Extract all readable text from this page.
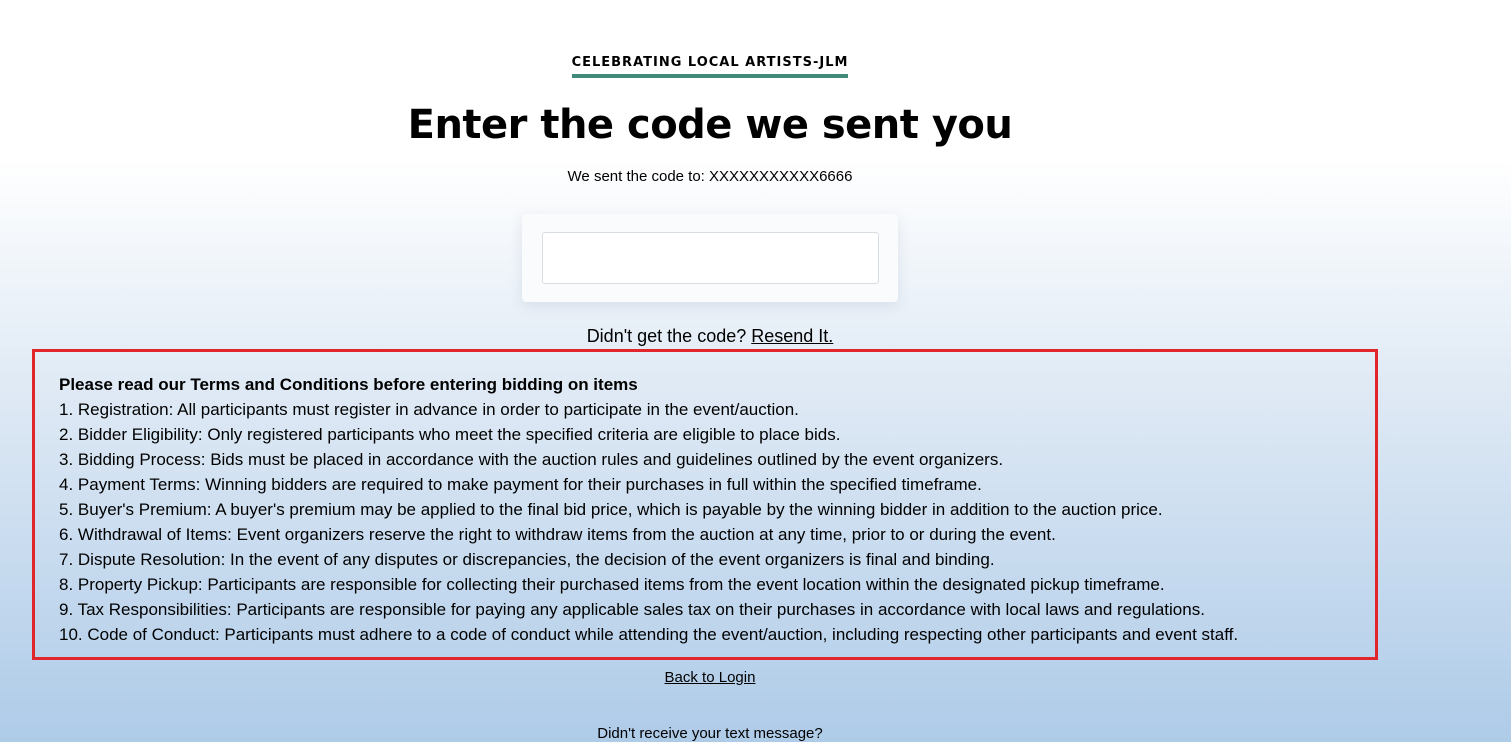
CELEBRATING LOCAL ARTISTS-JLM
Enter the code we sent you

We sent the code to: XXXXXXXXXXX6666

Didn't get the code? Resend It.
Please read our Terms and Conditions before entering bidding on items
1. Registration: All participants must register in advance in order to participate in the event/auction.
2. Bidder Eligibility: Only registered participants who meet the specified criteria are eligible to place bids.
3. Bidding Process: Bids must be placed in accordance with the auction rules and guidelines outlined by the event organizers.
4. Payment Terms: Winning bidders are required to make payment for their purchases in full within the specified timeframe.
5. Buyer's Premium: A buyer's premium may be applied to the final bid price, which is payable by the winning bidder in addition to the auction price.
6. Withdrawal of Items: Event organizers reserve the right to withdraw items from the auction at any time, prior to or during the event.
7. Dispute Resolution: In the event of any disputes or discrepancies, the decision of the event organizers is final and binding.
8. Property Pickup: Participants are responsible for collecting their purchased items from the event location within the designated pickup timeframe.
9. Tax Responsibilities: Participants are responsible for paying any applicable sales tax on their purchases in accordance with local laws and regulations.
10. Code of Conduct: Participants must adhere to a code of conduct while attending the event/auction, including respecting other participants and event staff.
Back to Login

Didn't receive your text message?
